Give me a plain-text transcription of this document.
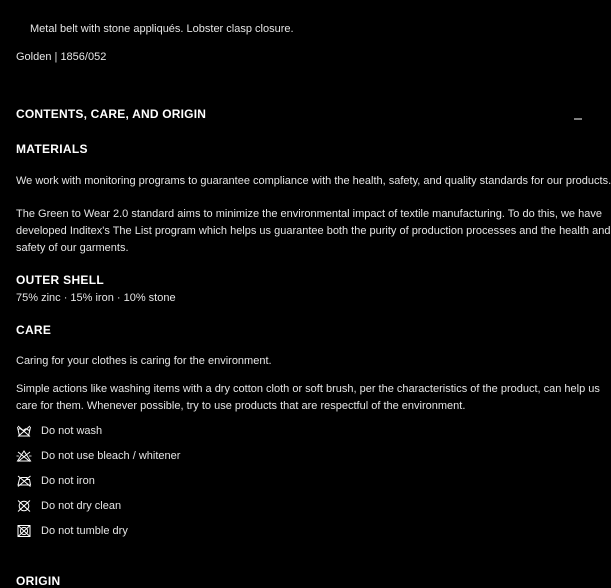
Metal belt with stone appliqués. Lobster clasp closure.
Golden | 1856/052
CONTENTS, CARE, AND ORIGIN
MATERIALS
We work with monitoring programs to guarantee compliance with the health, safety, and quality standards for our products.
The Green to Wear 2.0 standard aims to minimize the environmental impact of textile manufacturing. To do this, we have
developed Inditex's The List program which helps us guarantee both the purity of production processes and the health and
safety of our garments.
OUTER SHELL
75% zinc · 15% iron · 10% stone
CARE
Caring for your clothes is caring for the environment.
Simple actions like washing items with a dry cotton cloth or soft brush, per the characteristics of the product, can help us
care for them. Whenever possible, try to use products that are respectful of the environment.
Do not wash
Do not use bleach / whitener
Do not iron
Do not dry clean
Do not tumble dry
ORIGIN
